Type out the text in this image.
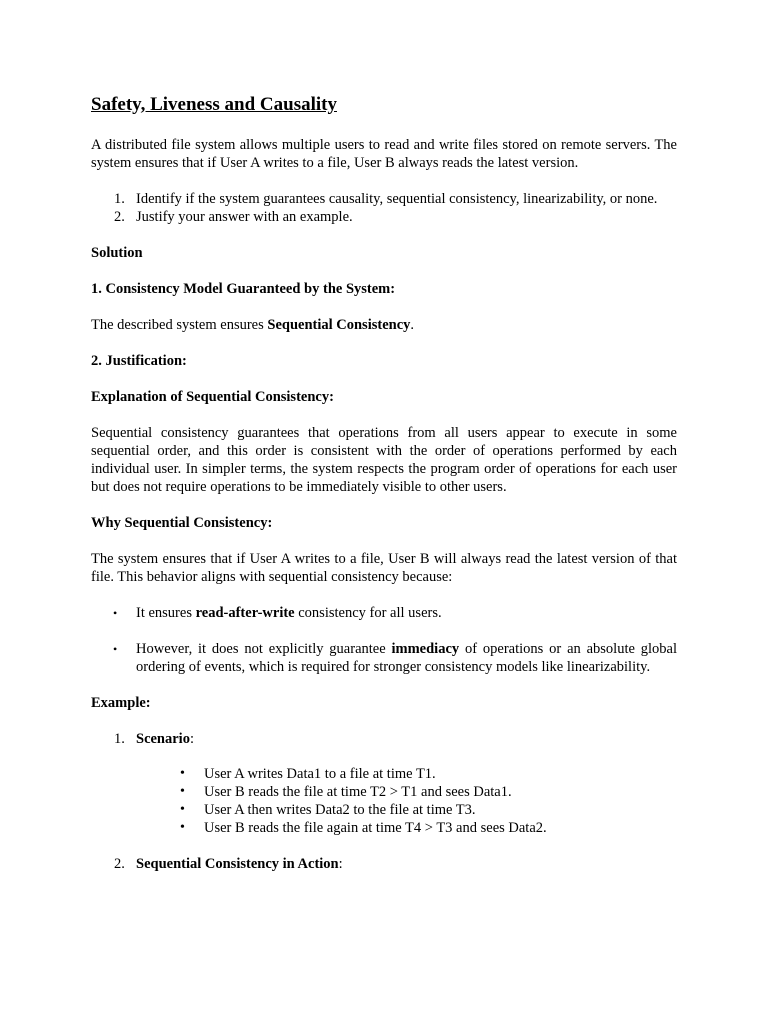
Safety, Liveness and Causality

A distributed file system allows multiple users to read and write files stored on remote servers. The system ensures that if User A writes to a file, User B always reads the latest version.

1. Identify if the system guarantees causality, sequential consistency, linearizability, or none.
2. Justify your answer with an example.

Solution

1. Consistency Model Guaranteed by the System:

The described system ensures Sequential Consistency.

2. Justification:

Explanation of Sequential Consistency:

Sequential consistency guarantees that operations from all users appear to execute in some sequential order, and this order is consistent with the order of operations performed by each individual user. In simpler terms, the system respects the program order of operations for each user but does not require operations to be immediately visible to other users.

Why Sequential Consistency:

The system ensures that if User A writes to a file, User B will always read the latest version of that file. This behavior aligns with sequential consistency because:

• It ensures read-after-write consistency for all users.
• However, it does not explicitly guarantee immediacy of operations or an absolute global ordering of events, which is required for stronger consistency models like linearizability.

Example:

1. Scenario:
• User A writes Data1 to a file at time T1.
• User B reads the file at time T2 > T1 and sees Data1.
• User A then writes Data2 to the file at time T3.
• User B reads the file again at time T4 > T3 and sees Data2.
2. Sequential Consistency in Action:
